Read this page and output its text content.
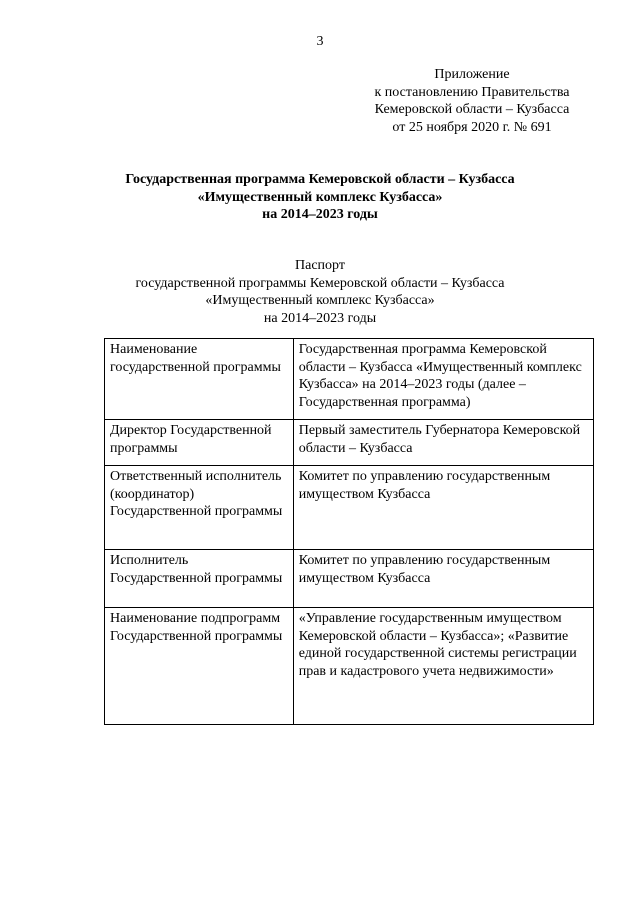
3
Приложение
к постановлению Правительства
Кемеровской области – Кузбасса
от 25 ноября 2020 г. № 691
Государственная программа Кемеровской области – Кузбасса
«Имущественный комплекс Кузбасса»
на 2014–2023 годы
Паспорт
государственной программы Кемеровской области – Кузбасса
«Имущественный комплекс Кузбасса»
на 2014–2023 годы
Наименование государственной программы	Государственная программа Кемеровской области – Кузбасса «Имущественный комплекс Кузбасса» на 2014–2023 годы (далее – Государственная программа)
Директор Государственной программы	Первый заместитель Губернатора Кемеровской области – Кузбасса
Ответственный исполнитель (координатор) Государственной программы	Комитет по управлению государственным имуществом Кузбасса
Исполнитель Государственной программы	Комитет по управлению государственным имуществом Кузбасса
Наименование подпрограмм Государственной программы	«Управление государственным имуществом Кемеровской области – Кузбасса»; «Развитие единой государственной системы регистрации прав и кадастрового учета недвижимости»
